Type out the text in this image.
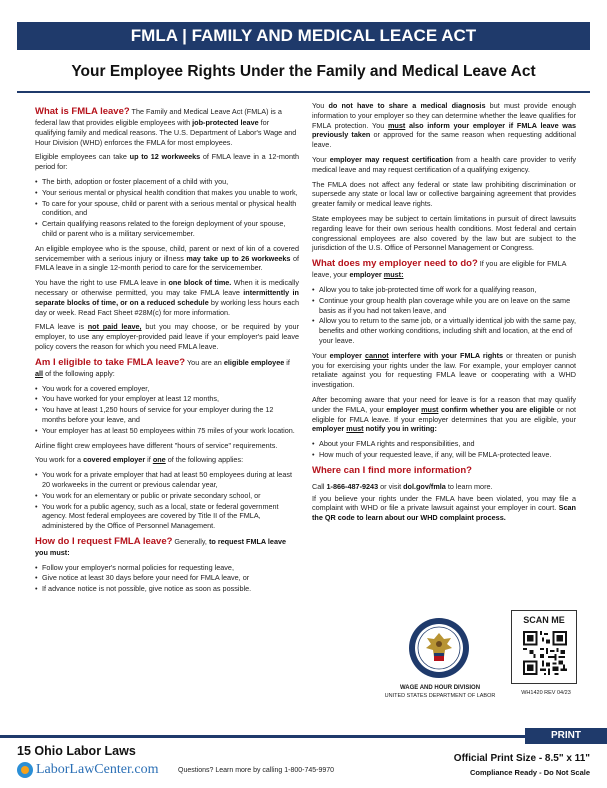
FMLA | FAMILY AND MEDICAL LEACE ACT
Your Employee Rights Under the Family and Medical Leave Act

What is FMLA leave? The Family and Medical Leave Act (FMLA) is a federal law that provides eligible employees with job-protected leave for qualifying family and medical reasons. The U.S. Department of Labor's Wage and Hour Division (WHD) enforces the FMLA for most employees.

Eligible employees can take up to 12 workweeks of FMLA leave in a 12-month period for:

• The birth, adoption or foster placement of a child with you,
• Your serious mental or physical health condition that makes you unable to work,
• To care for your spouse, child or parent with a serious mental or physical health condition, and
• Certain qualifying reasons related to the foreign deployment of your spouse, child or parent who is a military servicemember.

An eligible employee who is the spouse, child, parent or next of kin of a covered servicemember with a serious injury or illness may take up to 26 workweeks of FMLA leave in a single 12-month period to care for the servicemember.

You have the right to use FMLA leave in one block of time. When it is medically necessary or otherwise permitted, you may take FMLA leave intermittently in separate blocks of time, or on a reduced schedule by working less hours each day or week. Read Fact Sheet #28M(c) for more information.

FMLA leave is not paid leave, but you may choose, or be required by your employer, to use any employer-provided paid leave if your employer's paid leave policy covers the reason for which you need FMLA leave.

Am I eligible to take FMLA leave? You are an eligible employee if all of the following apply:

• You work for a covered employer,
• You have worked for your employer at least 12 months,
• You have at least 1,250 hours of service for your employer during the 12 months before your leave, and
• Your employer has at least 50 employees within 75 miles of your work location.

Airline flight crew employees have different "hours of service" requirements.

You work for a covered employer if one of the following applies:

• You work for a private employer that had at least 50 employees during at least 20 workweeks in the current or previous calendar year,
• You work for an elementary or public or private secondary school, or
• You work for a public agency, such as a local, state or federal government agency. Most federal employees are covered by Title II of the FMLA, administered by the Office of Personnel Management.

How do I request FMLA leave? Generally, to request FMLA leave you must:

• Follow your employer's normal policies for requesting leave,
• Give notice at least 30 days before your need for FMLA leave, or
• If advance notice is not possible, give notice as soon as possible.

You do not have to share a medical diagnosis but must provide enough information to your employer so they can determine whether the leave qualifies for FMLA protection. You must also inform your employer if FMLA leave was previously taken or approved for the same reason when requesting additional leave.

Your employer may request certification from a health care provider to verify medical leave and may request certification of a qualifying exigency.

The FMLA does not affect any federal or state law prohibiting discrimination or supersede any state or local law or collective bargaining agreement that provides greater family or medical leave rights.

State employees may be subject to certain limitations in pursuit of direct lawsuits regarding leave for their own serious health conditions. Most federal and certain congressional employees are also covered by the law but are subject to the jurisdiction of the U.S. Office of Personnel Management or Congress.

What does my employer need to do? If you are eligible for FMLA leave, your employer must:

• Allow you to take job-protected time off work for a qualifying reason,
• Continue your group health plan coverage while you are on leave on the same basis as if you had not taken leave, and
• Allow you to return to the same job, or a virtually identical job with the same pay, benefits and other working conditions, including shift and location, at the end of your leave.

Your employer cannot interfere with your FMLA rights or threaten or punish you for exercising your rights under the law. For example, your employer cannot retaliate against you for requesting FMLA leave or cooperating with a WHD investigation.

After becoming aware that your need for leave is for a reason that may qualify under the FMLA, your employer must confirm whether you are eligible or not eligible for FMLA leave. If your employer determines that you are eligible, your employer must notify you in writing:

• About your FMLA rights and responsibilities, and
• How much of your requested leave, if any, will be FMLA-protected leave.

Where can I find more information?

Call 1-866-487-9243 or visit dol.gov/fmla to learn more.

If you believe your rights under the FMLA have been violated, you may file a complaint with WHD or file a private lawsuit against your employer in court. Scan the QR code to learn about our WHD complaint process.

WAGE AND HOUR DIVISION
UNITED STATES DEPARTMENT OF LABOR
SCAN ME
WH1420 REV 04/23
PRINT
15 Ohio Labor Laws
LaborLawCenter.com	Questions? Learn more by calling 1-800-745-9970
Official Print Size - 8.5" x 11"
Compliance Ready - Do Not Scale
